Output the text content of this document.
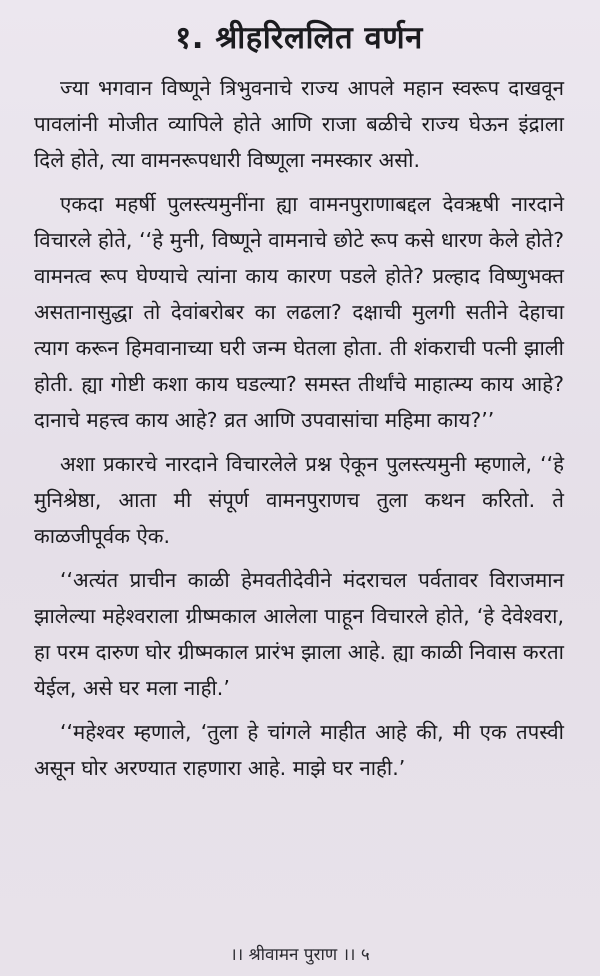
१. श्रीहरिललित वर्णन

ज्या भगवान विष्णूने त्रिभुवनाचे राज्य आपले महान स्वरूप दाखवून पावलांनी मोजीत व्यापिले होते आणि राजा बळीचे राज्य घेऊन इंद्राला दिले होते, त्या वामनरूपधारी विष्णूला नमस्कार असो.

एकदा महर्षी पुलस्त्यमुनींना ह्या वामनपुराणाबद्दल देवऋषी नारदाने विचारले होते, ‘‘हे मुनी, विष्णूने वामनाचे छोटे रूप कसे धारण केले होते? वामनत्व रूप घेण्याचे त्यांना काय कारण पडले होते? प्रल्हाद विष्णुभक्त असतानासुद्धा तो देवांबरोबर का लढला? दक्षाची मुलगी सतीने देहाचा त्याग करून हिमवानाच्या घरी जन्म घेतला होता. ती शंकराची पत्नी झाली होती. ह्या गोष्टी कशा काय घडल्या? समस्त तीर्थांचे माहात्म्य काय आहे? दानाचे महत्त्व काय आहे? व्रत आणि उपवासांचा महिमा काय?’’

अशा प्रकारचे नारदाने विचारलेले प्रश्न ऐकून पुलस्त्यमुनी म्हणाले, ‘‘हे मुनिश्रेष्ठा, आता मी संपूर्ण वामनपुराणच तुला कथन करितो. ते काळजीपूर्वक ऐक.

‘‘अत्यंत प्राचीन काळी हेमवतीदेवीने मंदराचल पर्वतावर विराजमान झालेल्या महेश्वराला ग्रीष्मकाल आलेला पाहून विचारले होते, ‘हे देवेश्वरा, हा परम दारुण घोर ग्रीष्मकाल प्रारंभ झाला आहे. ह्या काळी निवास करता येईल, असे घर मला नाही.’

‘‘महेश्वर म्हणाले, ‘तुला हे चांगले माहीत आहे की, मी एक तपस्वी असून घोर अरण्यात राहणारा आहे. माझे घर नाही.’

।। श्रीवामन पुराण ।। ५
